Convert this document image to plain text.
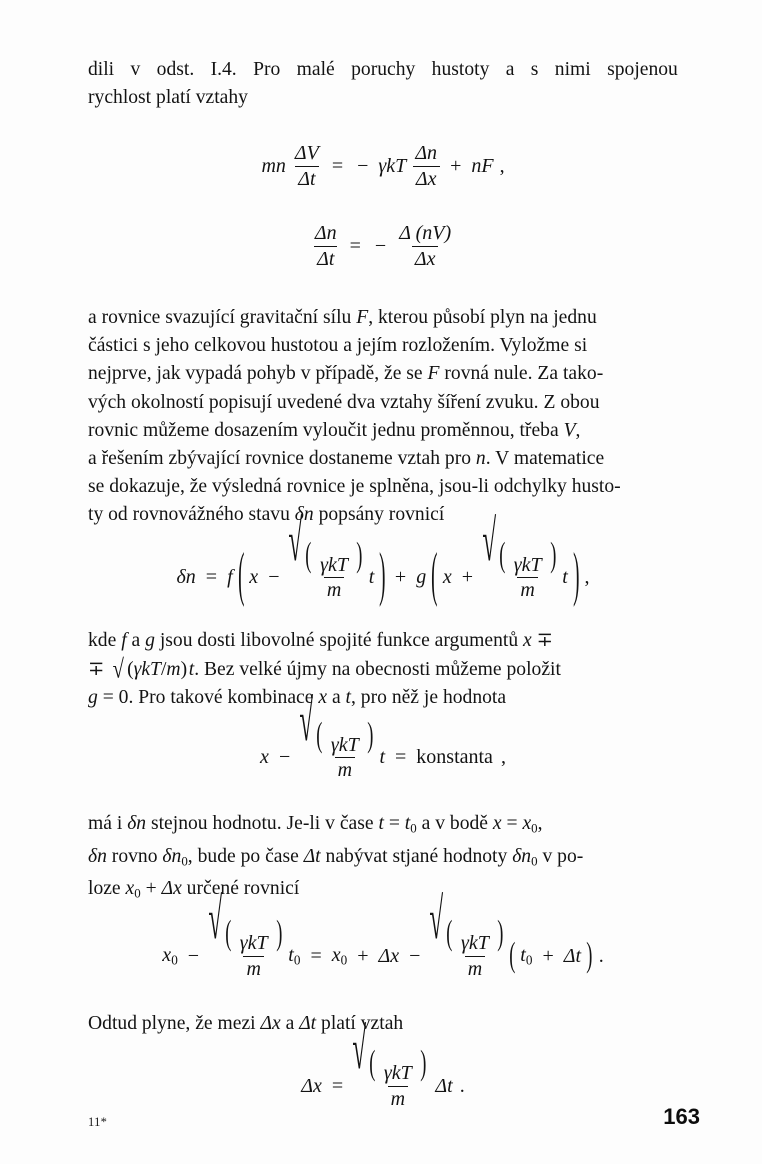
dili v odst. I.4. Pro malé poruchy hustoty a s nimi spojenou
rychlost platí vztahy
mn $\frac{\Delta V}{\Delta t}$ = − γkT $\frac{\Delta n}{\Delta x}$ + nF ,
$\frac{\Delta n}{\Delta t}$ = − $\frac{\Delta (nV)}{\Delta x}$
a rovnice svazující gravitační sílu F, kterou působí plyn na jednu
částici s jeho celkovou hustotou a jejím rozložením. Vyložme si
nejprve, jak vypadá pohyb v případě, že se F rovná nule. Za tako-
vých okolností popisují uvedené dva vztahy šíření zvuku. Z obou
rovnic můžeme dosazením vyloučit jednu proměnnou, třeba V,
a řešením zbývající rovnice dostaneme vztah pro n. V matematice
se dokazuje, že výsledná rovnice je splněna, jsou-li odchylky husto-
ty od rovnovážného stavu δn popsány rovnicí
δn = f ( x −
√ ( $\frac{\text{γkT}}{m}$ )
t ) + g ( x +
√ ( $\frac{\text{γkT}}{m}$ )
t ) ,
kde f a g jsou dosti libovolné spojité funkce argumentů x ∓
∓ √ (γkT/m) t. Bez velké újmy na obecnosti můžeme položit
g = 0. Pro takové kombinace x a t, pro něž je hodnota
x −
√ ( $\frac{\text{γkT}}{m}$ )
t = konstanta ,
má i δn stejnou hodnotu. Je-li v čase $t = t_0$ a v bodě $x = x_0$,
δn rovno $\delta n_0$, bude po čase Δt nabývat stjané hodnoty $\delta n_0$ v po-
loze $x_0 + \Delta x$ určené rovnicí
$x_0$ −
√ ( $\frac{\text{γkT}}{m}$ )
$t_0 = x_0 + \Delta x$ −
√ ( $\frac{\text{γkT}}{m}$ )
( $t_0 + \Delta t$ ) .
Odtud plyne, že mezi Δx a Δt platí vztah
Δx =
√ ( $\frac{\text{γkT}}{m}$ )
Δt .
11*	163
